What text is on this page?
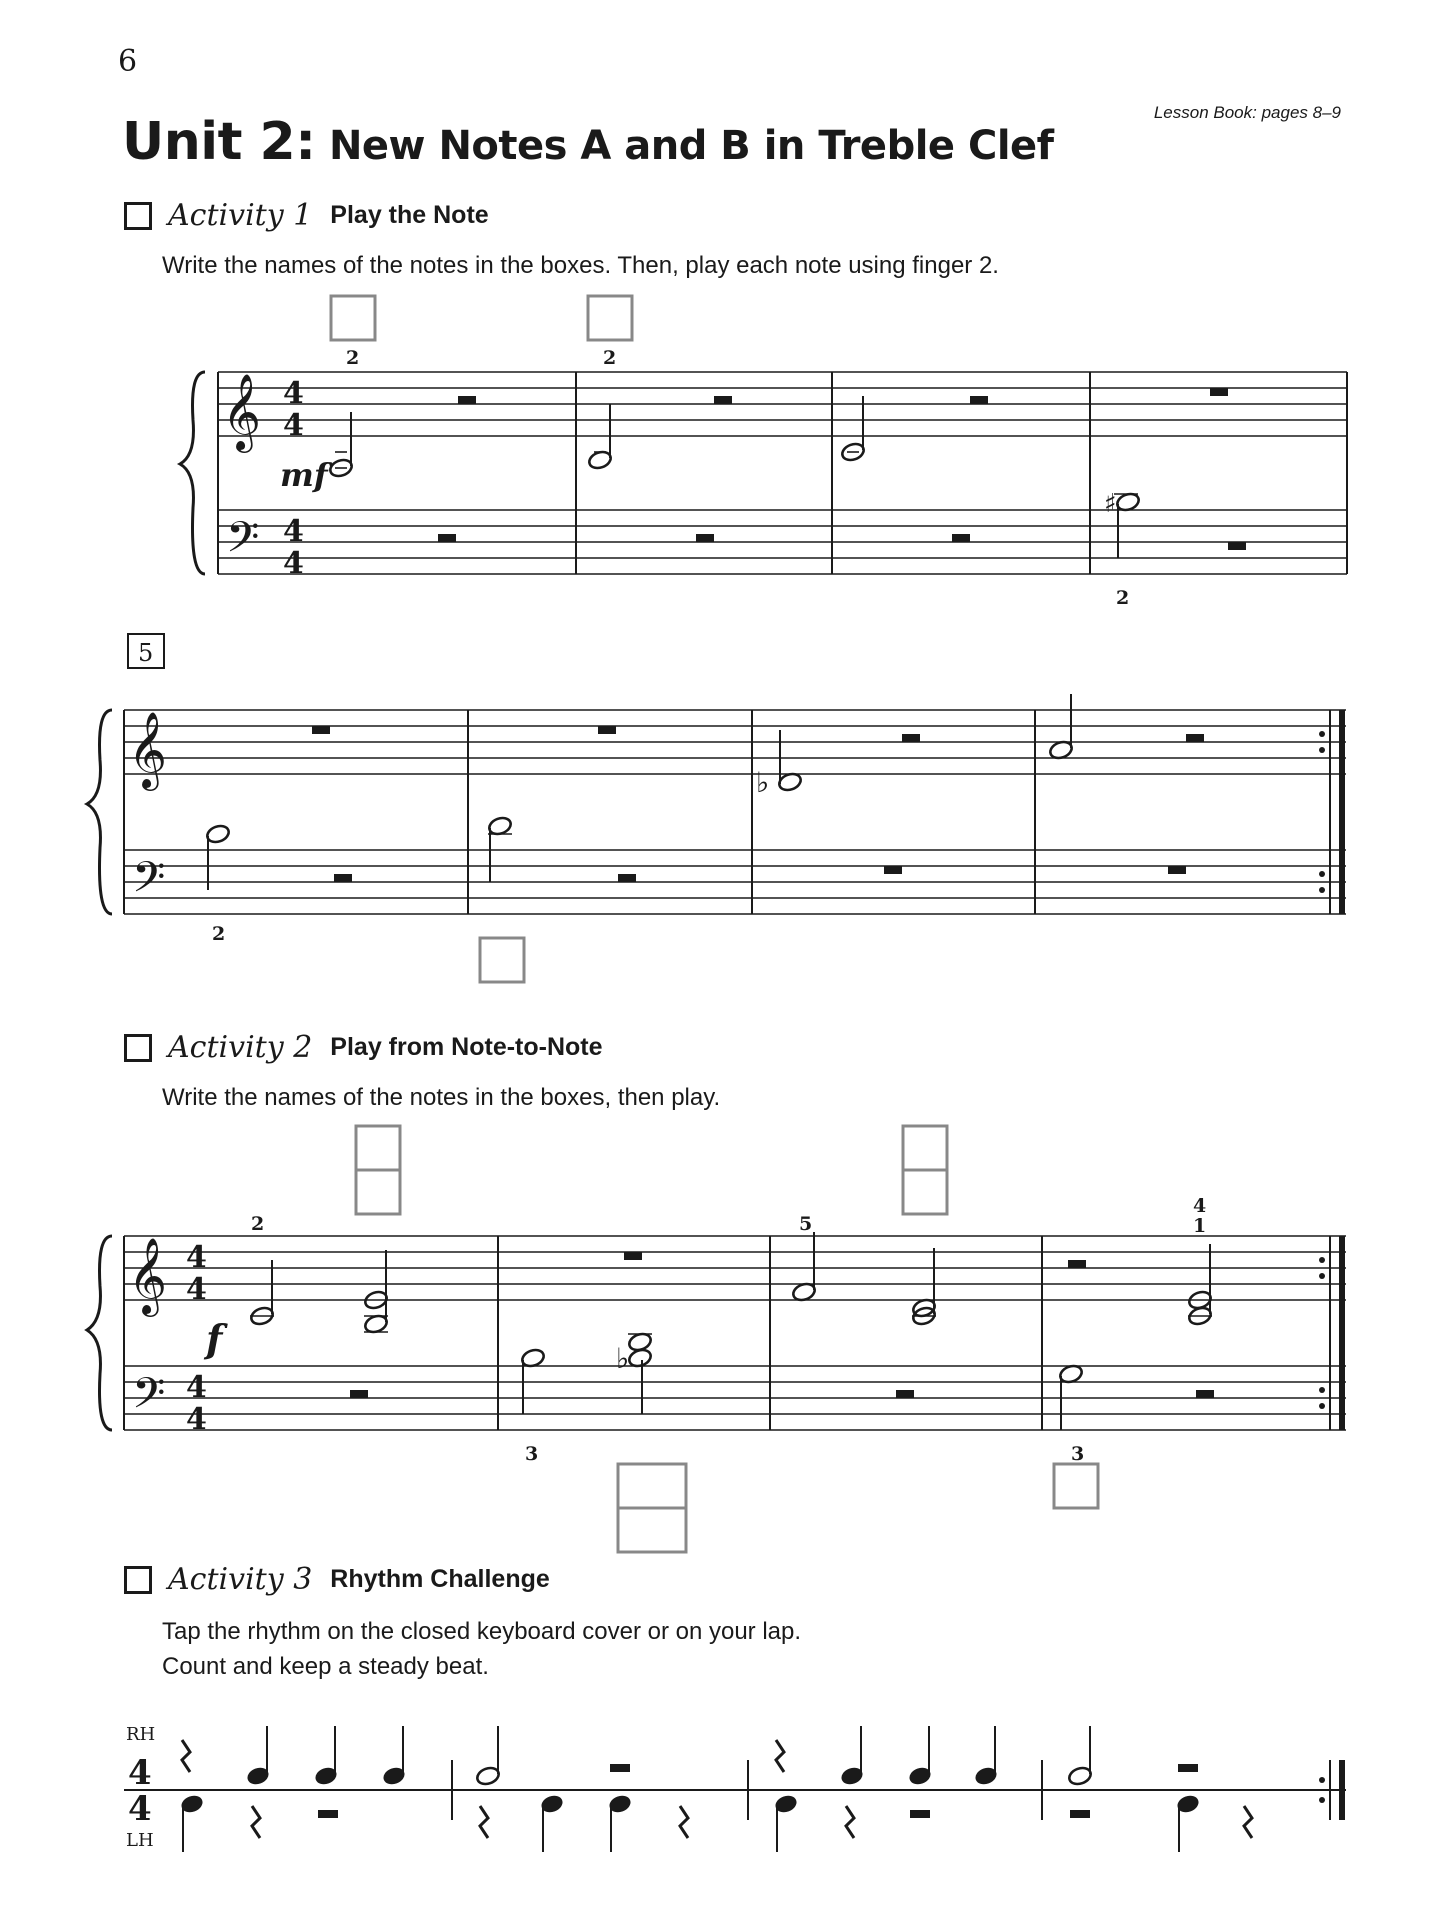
6
Lesson Book: pages 8–9
Unit 2: New Notes A and B in Treble Clef
Activity 1 Play the Note
Write the names of the notes in the boxes. Then, play each note using finger 2.
Activity 2 Play from Note-to-Note
Write the names of the notes in the boxes, then play.
Activity 3 Rhythm Challenge
Tap the rhythm on the closed keyboard cover or on your lap.
Count and keep a steady beat.
𝄞
𝄢
4
4
4
4
mf
2	2
2
♯
5
𝄞
𝄢
2
♭
𝄞
𝄢
4
4
4
4
f
2	5
4
1
3	3
♭
RH
LH
4
4
